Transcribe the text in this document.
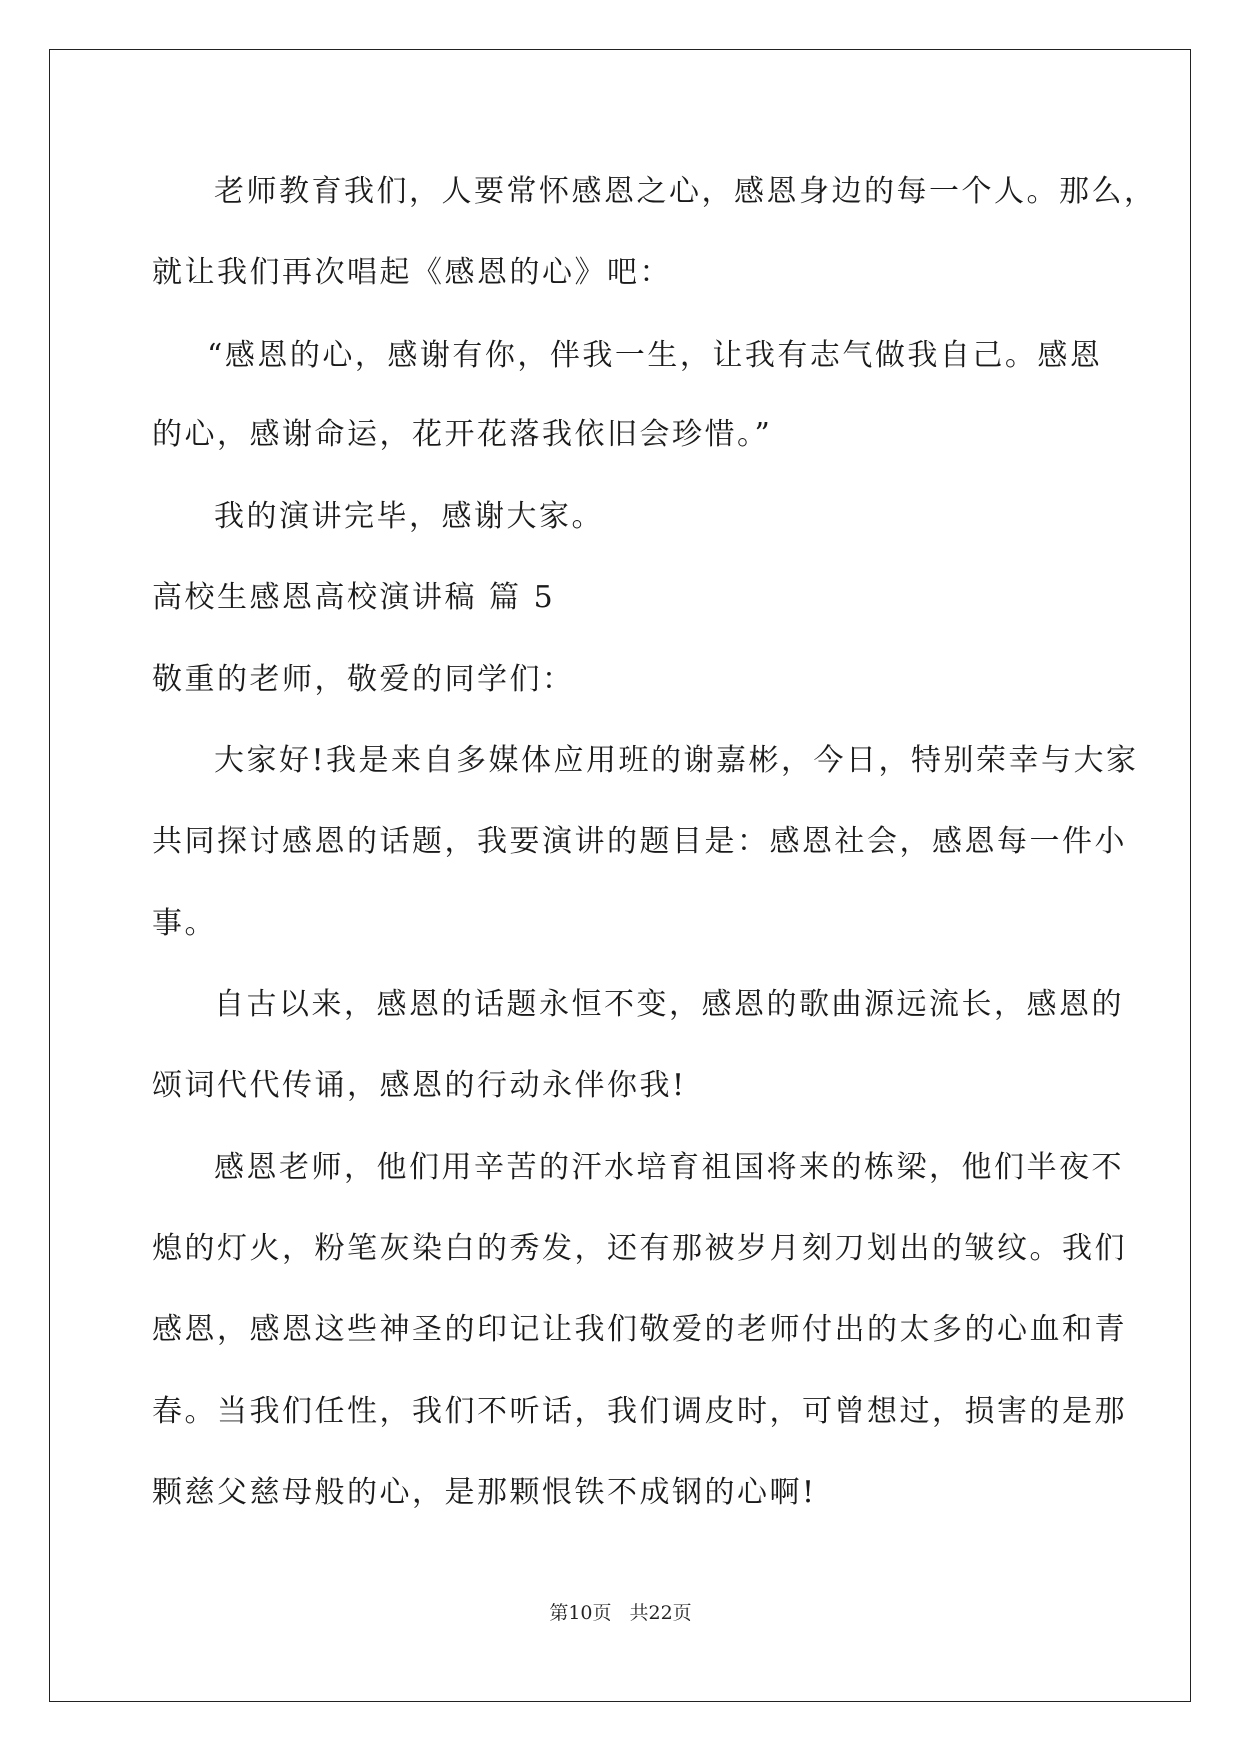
老师教育我们，人要常怀感恩之心，感恩身边的每一个人。那么，
就让我们再次唱起《感恩的心》吧：
“感恩的心，感谢有你，伴我一生，让我有志气做我自己。感恩
的心，感谢命运，花开花落我依旧会珍惜。”
我的演讲完毕，感谢大家。
高校生感恩高校演讲稿 篇 5
敬重的老师，敬爱的同学们：
大家好!我是来自多媒体应用班的谢嘉彬，今日，特别荣幸与大家
共同探讨感恩的话题，我要演讲的题目是：感恩社会，感恩每一件小
事。
自古以来，感恩的话题永恒不变，感恩的歌曲源远流长，感恩的
颂词代代传诵，感恩的行动永伴你我!
感恩老师，他们用辛苦的汗水培育祖国将来的栋梁，他们半夜不
熄的灯火，粉笔灰染白的秀发，还有那被岁月刻刀划出的皱纹。我们
感恩，感恩这些神圣的印记让我们敬爱的老师付出的太多的心血和青
春。当我们任性，我们不听话，我们调皮时，可曾想过，损害的是那
颗慈父慈母般的心，是那颗恨铁不成钢的心啊!
第10页 共22页
